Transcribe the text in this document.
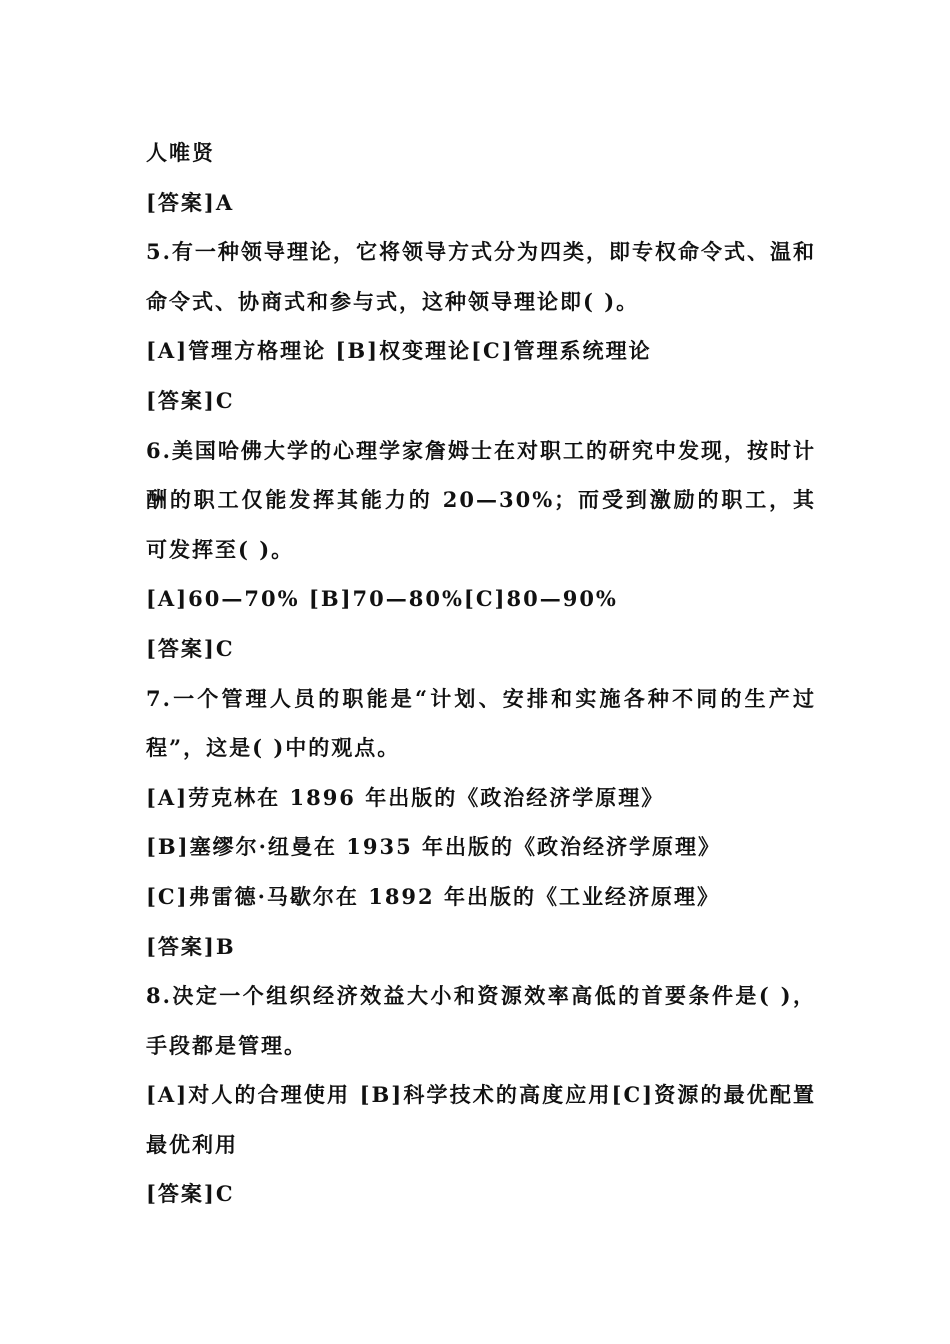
人唯贤
[答案]A
5.有一种领导理论，它将领导方式分为四类，即专权命令式、温和
命令式、协商式和参与式，这种领导理论即( )。
[A]管理方格理论 [B]权变理论[C]管理系统理论
[答案]C
6.美国哈佛大学的心理学家詹姆士在对职工的研究中发现，按时计
酬的职工仅能发挥其能力的 20—30%；而受到激励的职工，其
可发挥至( )。
[A]60—70% [B]70—80%[C]80—90%
[答案]C
7.一个管理人员的职能是“计划、安排和实施各种不同的生产过
程”，这是( )中的观点。
[A]劳克林在 1896 年出版的《政治经济学原理》
[B]塞缪尔·纽曼在 1935 年出版的《政治经济学原理》
[C]弗雷德·马歇尔在 1892 年出版的《工业经济原理》
[答案]B
8.决定一个组织经济效益大小和资源效率高低的首要条件是( )，
手段都是管理。
[A]对人的合理使用 [B]科学技术的高度应用[C]资源的最优配置
最优利用
[答案]C
